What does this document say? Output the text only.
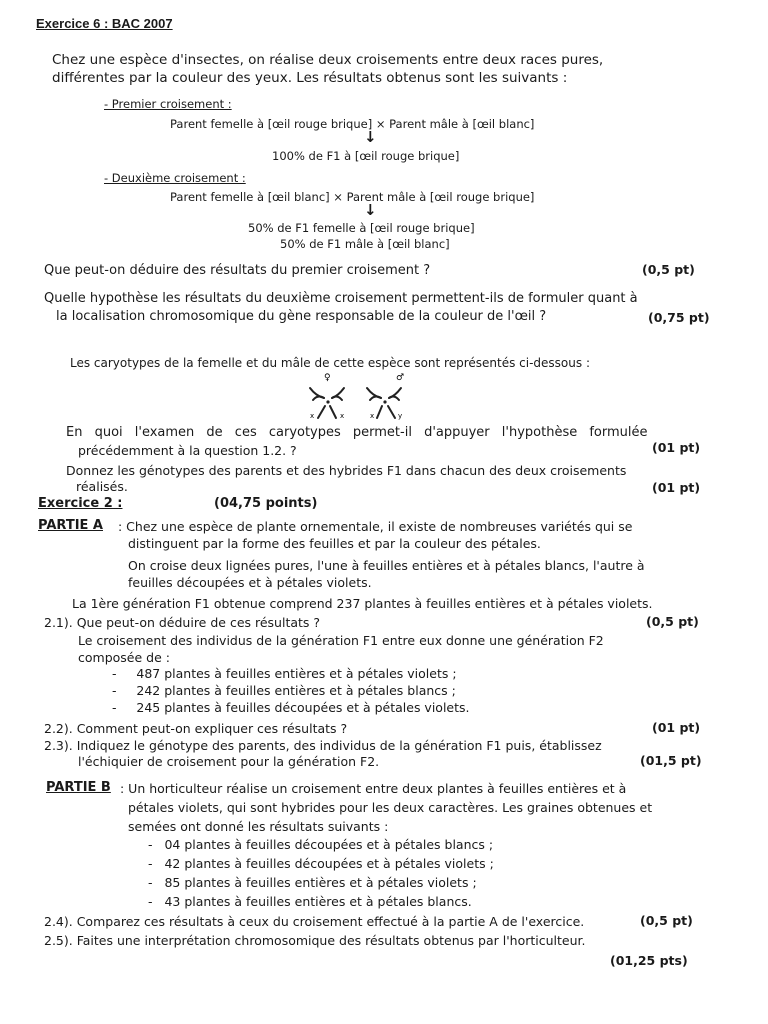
Exercice 6 : BAC 2007
Chez une espèce d'insectes, on réalise deux croisements entre deux races pures,
différentes par la couleur des yeux. Les résultats obtenus sont les suivants :
- Premier croisement :
Parent femelle à [œil rouge brique] × Parent mâle à [œil blanc]
↓
100% de F1 à [œil rouge brique]
- Deuxième croisement :
Parent femelle à [œil blanc] × Parent mâle à [œil rouge brique]
↓
50% de F1 femelle à [œil rouge brique]
50% de F1 mâle à [œil blanc]
Que peut-on déduire des résultats du premier croisement ?	(0,5 pt)
Quelle hypothèse les résultats du deuxième croisement permettent-ils de formuler quant à
la localisation chromosomique du gène responsable de la couleur de l'œil ?	(0,75 pt)
Les caryotypes de la femelle et du mâle de cette espèce sont représentés ci-dessous :
♀	♂
x	x	x	y
En quoi l'examen de ces caryotypes permet-il d'appuyer l'hypothèse formulée
précédemment à la question 1.2. ?	(01 pt)
Donnez les génotypes des parents et des hybrides F1 dans chacun des deux croisements
réalisés.	(01 pt)
Exercice 2 :	(04,75 points)
PARTIE A : Chez une espèce de plante ornementale, il existe de nombreuses variétés qui se
distinguent par la forme des feuilles et par la couleur des pétales.
On croise deux lignées pures, l'une à feuilles entières et à pétales blancs, l'autre à
feuilles découpées et à pétales violets.
La 1ère génération F1 obtenue comprend 237 plantes à feuilles entières et à pétales violets.
2.1). Que peut-on déduire de ces résultats ?	(0,5 pt)
Le croisement des individus de la génération F1 entre eux donne une génération F2
composée de :
-     487 plantes à feuilles entières et à pétales violets ;
-     242 plantes à feuilles entières et à pétales blancs ;
-     245 plantes à feuilles découpées et à pétales violets.
2.2). Comment peut-on expliquer ces résultats ?	(01 pt)
2.3). Indiquez le génotype des parents, des individus de la génération F1 puis, établissez
l'échiquier de croisement pour la génération F2.	(01,5 pt)
PARTIE B : Un horticulteur réalise un croisement entre deux plantes à feuilles entières et à
pétales violets, qui sont hybrides pour les deux caractères. Les graines obtenues et
semées ont donné les résultats suivants :
-   04 plantes à feuilles découpées et à pétales blancs ;
-   42 plantes à feuilles découpées et à pétales violets ;
-   85 plantes à feuilles entières et à pétales violets ;
-   43 plantes à feuilles entières et à pétales blancs.
2.4). Comparez ces résultats à ceux du croisement effectué à la partie A de l'exercice.	(0,5 pt)
2.5). Faites une interprétation chromosomique des résultats obtenus par l'horticulteur.
(01,25 pts)
